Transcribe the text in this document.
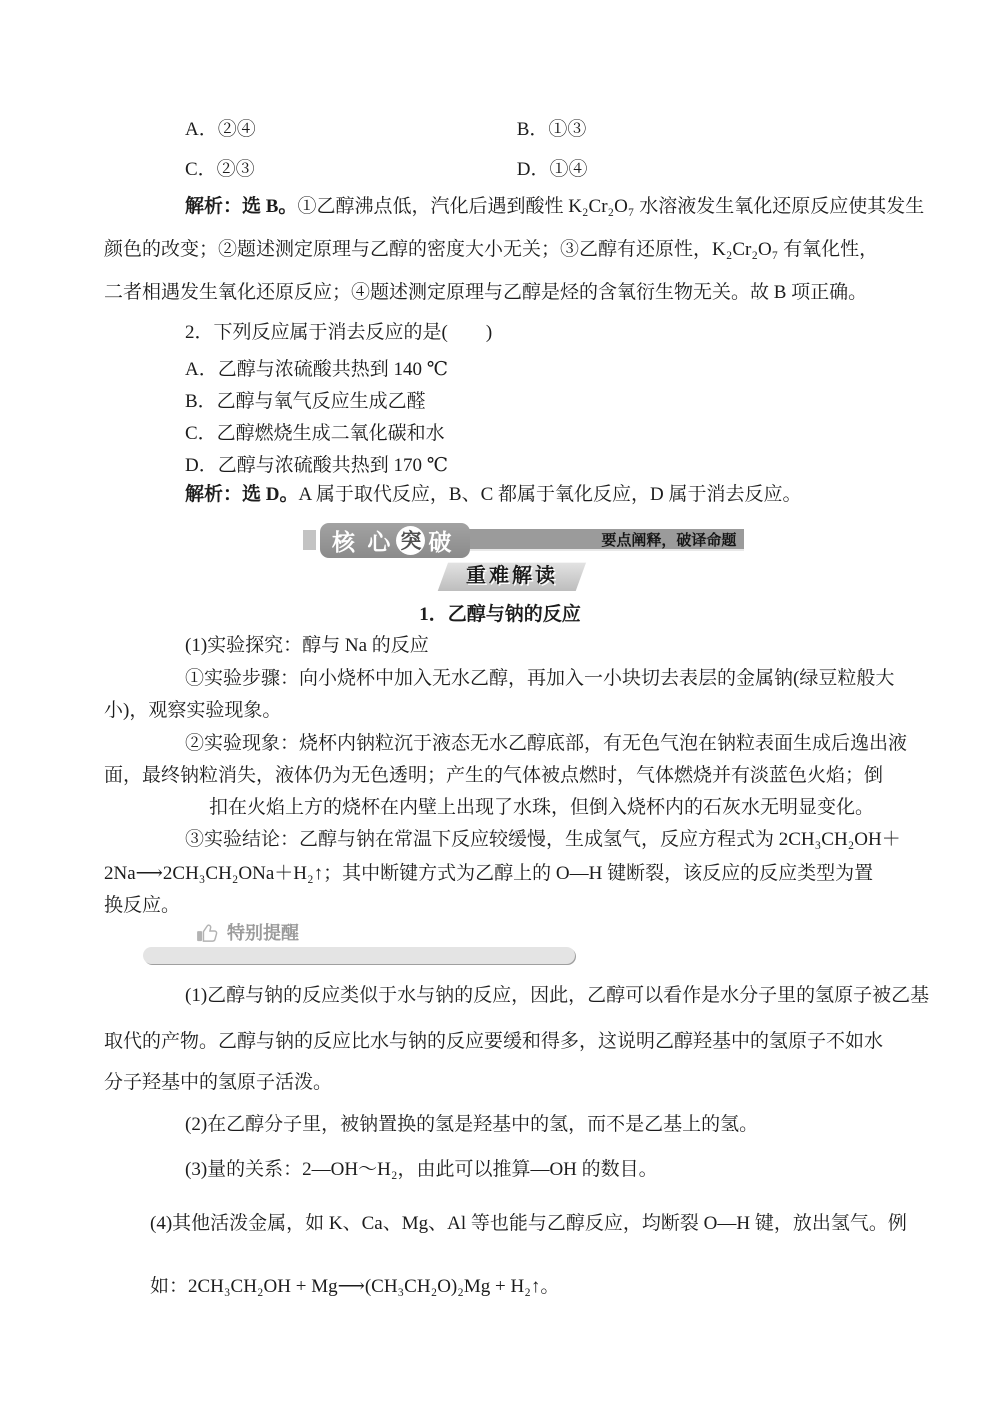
A．②④	B．①③
C．②③	D．①④
解析：选 B。①乙醇沸点低，汽化后遇到酸性 K₂Cr₂O₇ 水溶液发生氧化还原反应使其发生
颜色的改变；②题述测定原理与乙醇的密度大小无关；③乙醇有还原性，K₂Cr₂O₇ 有氧化性，
二者相遇发生氧化还原反应；④题述测定原理与乙醇是烃的含氧衍生物无关。故 B 项正确。
2．下列反应属于消去反应的是(　　)
A．乙醇与浓硫酸共热到 140 ℃
B．乙醇与氧气反应生成乙醛
C．乙醇燃烧生成二氧化碳和水
D．乙醇与浓硫酸共热到 170 ℃
解析：选 D。A 属于取代反应，B、C 都属于氧化反应，D 属于消去反应。
核 心 突 破	要点阐释，破译命题
重难解读
1．乙醇与钠的反应
(1)实验探究：醇与 Na 的反应
①实验步骤：向小烧杯中加入无水乙醇，再加入一小块切去表层的金属钠(绿豆粒般大
小)，观察实验现象。
②实验现象：烧杯内钠粒沉于液态无水乙醇底部，有无色气泡在钠粒表面生成后逸出液
面，最终钠粒消失，液体仍为无色透明；产生的气体被点燃时，气体燃烧并有淡蓝色火焰；倒
扣在火焰上方的烧杯在内壁上出现了水珠，但倒入烧杯内的石灰水无明显变化。
③实验结论：乙醇与钠在常温下反应较缓慢，生成氢气，反应方程式为 2CH₃CH₂OH＋
2Na⟶2CH₃CH₂ONa＋H₂↑；其中断键方式为乙醇上的 O—H 键断裂，该反应的反应类型为置
换反应。
特别提醒
(1)乙醇与钠的反应类似于水与钠的反应，因此，乙醇可以看作是水分子里的氢原子被乙基
取代的产物。乙醇与钠的反应比水与钠的反应要缓和得多，这说明乙醇羟基中的氢原子不如水
分子羟基中的氢原子活泼。
(2)在乙醇分子里，被钠置换的氢是羟基中的氢，而不是乙基上的氢。
(3)量的关系：2—OH～H₂，由此可以推算—OH 的数目。
(4)其他活泼金属，如 K、Ca、Mg、Al 等也能与乙醇反应，均断裂 O—H 键，放出氢气。例
如：2CH₃CH₂OH + Mg⟶(CH₃CH₂O)₂Mg + H₂↑。
